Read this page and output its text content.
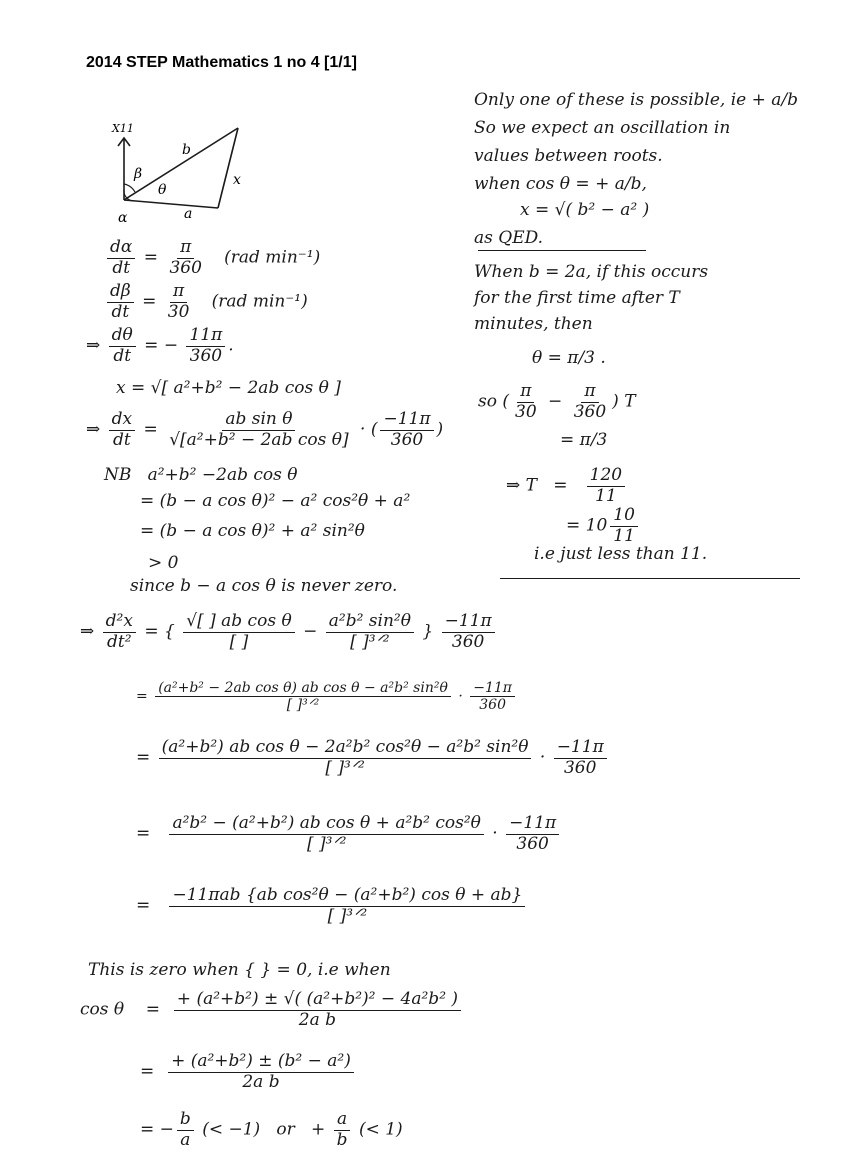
2014 STEP Mathematics 1 no 4 [1/1]
X11
β
α
θ
b
x
a
$\frac{d\alpha}{dt} = \frac{\pi}{360} (rad$ min⁻¹)
$\frac{d\beta}{dt} = \frac{\pi}{30} (rad$ min⁻¹)
⇒ $\frac{d\theta}{dt}$ = − $\frac{11\pi}{360}$ .
x = √[ a²+b² − 2ab cos θ ]
⇒ $\frac{dx}{dt} = \frac{\text{ab sin θ}}{\text{√[a²+b² − 2ab cos θ]}}$ · ( $\frac{-11\pi}{360}$ )
NB a²+b² −2ab cos θ
= (b − a cos θ)² − a² cos²θ + a²
= (b − a cos θ)² + a² sin²θ
> 0
since b − a cos θ is never zero.
⇒ $\frac{\text{d²x}}{\text{dt²}}$ = { $\frac{\text{√[ ] ab cos θ}}{[ ]} - \frac{\text{a²b² sin²θ}}{\text{[ ]³ᐟ²}}$ } $\frac{-11\pi}{360}$
= $\frac{\text{(a²+b² − 2ab cos θ) ab cos θ − a²b² sin²θ}}{\text{[ ]³ᐟ²}} \cdot \frac{-11\pi}{360}$
= $\frac{\text{(a²+b²) ab cos θ − 2a²b² cos²θ − a²b² sin²θ}}{\text{[ ]³ᐟ²}} \cdot \frac{-11\pi}{360}$
= $\frac{\text{a²b² − (a²+b²) ab cos θ + a²b² cos²θ}}{\text{[ ]³ᐟ²}} \cdot \frac{-11\pi}{360}$
= $\frac{\text{−11πab \{ab cos²θ − (a²+b²) cos θ + ab\}}}{\text{[ ]³ᐟ²}}$
This is zero when { } = 0, i.e when
cos θ    = $\frac{\text{+ (a²+b²) ± √( (a²+b²)² − 4a²b² )}}{\text{2a b}}$
= $\frac{\text{+ (a²+b²) ± (b² − a²)}}{\text{2a b}}$
= − $\frac{b}{a}$ (< −1) or   + $\frac{a}{b}$ (< 1)
Only one of these is possible, ie + a/b
So we expect an oscillation in
values between roots.
when cos θ = + a/b,
x = √( b² − a² )
as QED.
When b = 2a, if this occurs
for the first time after T
minutes, then
θ = π/3 .
so ( $\frac{\pi}{30} - \frac{\pi}{360}$ ) T
= π/3
⇒ $T = \frac{120}{11}$
= $10 \frac{10}{11}$
i.e just less than 11.
